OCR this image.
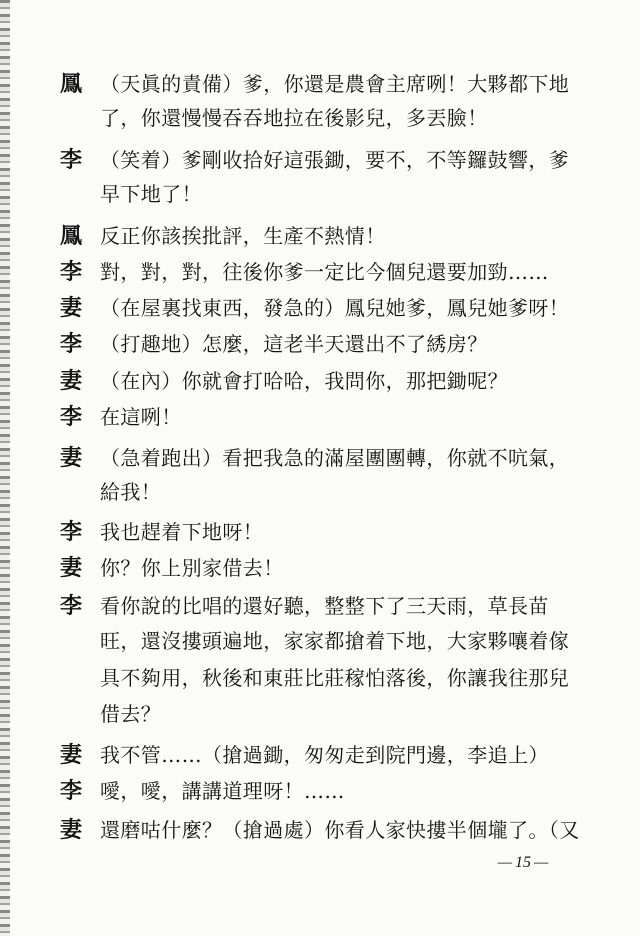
鳳 （天眞的責備）爹，你還是農會主席咧！大夥都下地
了，你還慢慢吞吞地拉在後影兒，多丟臉！
李 （笑着）爹剛收拾好這張鋤，要不，不等鑼鼓響，爹
早下地了！
鳳 反正你該挨批評，生產不熱情！
李 對，對，對，往後你爹一定比今個兒還要加勁……
妻 （在屋裏找東西，發急的）鳳兒她爹，鳳兒她爹呀！
李 （打趣地）怎麼，這老半天還出不了綉房？
妻 （在內）你就會打哈哈，我問你，那把鋤呢？
李 在這咧！
妻 （急着跑出）看把我急的滿屋團團轉，你就不吭氣，
給我！
李 我也趕着下地呀！
妻 你？你上別家借去！
李 看你說的比唱的還好聽，整整下了三天雨，草長苗
旺，還沒摟頭遍地，家家都搶着下地，大家夥嚷着傢
具不夠用，秋後和東莊比莊稼怕落後，你讓我往那兒
借去？
妻 我不管……（搶過鋤，匆匆走到院門邊，李追上）
李 噯，噯，講講道理呀！……
妻 還磨咕什麼？（搶過處）你看人家快摟半個壠了。（又
— 15 —
